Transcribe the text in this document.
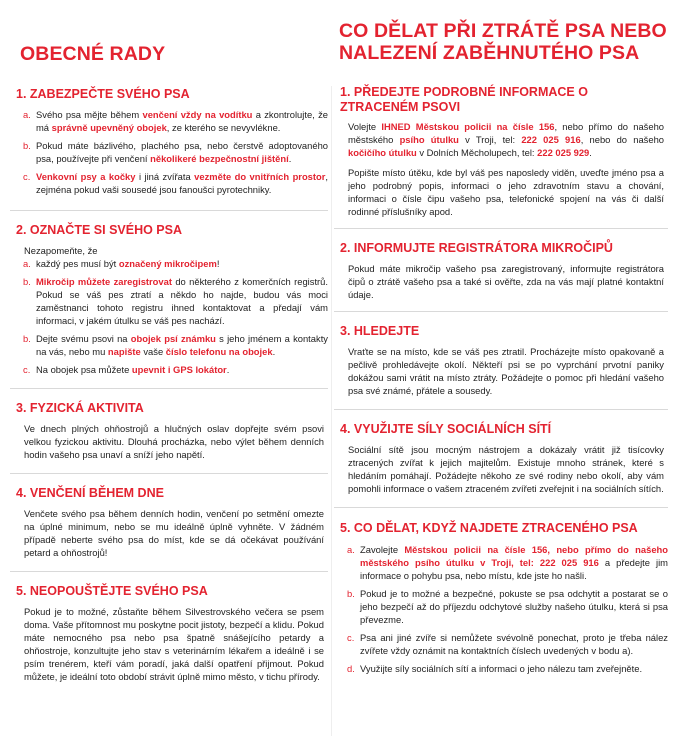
OBECNÉ RADY
1. ZABEZPEČTE SVÉHO PSA
a. Svého psa mějte během venčení vždy na vodítku a zkontrolujte, že má správně upevněný obojek, ze kterého se nevyvlékne.
b. Pokud máte bázlivého, plachého psa, nebo čerstvě adoptovaného psa, používejte při venčení několikeré bezpečnostní jištění.
c. Venkovní psy a kočky i jiná zvířata vezměte do vnitřních prostor, zejména pokud vaši sousedé jsou fanoušci pyrotechniky.
2. OZNAČTE SI SVÉHO PSA

Nezapomeňte, že

a. každý pes musí být označený mikročipem!
b. Mikročip můžete zaregistrovat do některého z komerčních registrů. Pokud se váš pes ztratí a někdo ho najde, budou vás moci zaměstnanci tohoto registru ihned kontaktovat a předají vám informaci, v jakém útulku se váš pes nachází.
b. Dejte svému psovi na obojek psí známku s jeho jménem a kontakty na vás, nebo mu napište vaše číslo telefonu na obojek.
c. Na obojek psa můžete upevnit i GPS lokátor.
3. FYZICKÁ AKTIVITA

Ve dnech plných ohňostrojů a hlučných oslav dopřejte svém psovi velkou fyzickou aktivitu. Dlouhá procházka, nebo výlet během denních hodin vašeho psa unaví a sníží jeho napětí.

4. VENČENÍ BĚHEM DNE

Venčete svého psa během denních hodin, venčení po setmění omezte na úplné minimum, nebo se mu ideálně úplně vyhněte. V žádném případě neberte svého psa do míst, kde se dá očekávat používání petard a ohňostrojů!

5. NEOPOUŠTĚJTE SVÉHO PSA

Pokud je to možné, zůstaňte během Silvestrovského večera se psem doma. Vaše přítomnost mu poskytne pocit jistoty, bezpečí a klidu. Pokud máte nemocného psa nebo psa špatně snášejícího petardy a ohňostroje, konzultujte jeho stav s veterinárním lékařem a ideálně i se psím trenérem, kteří vám poradí, jaká další opatření přijmout. Pokud můžete, je ideální toto období strávit úplně mimo město, v tichu přírody.

CO DĚLAT PŘI ZTRÁTĚ PSA NEBO NALEZENÍ ZABĚHNUTÉHO PSA
1. PŘEDEJTE PODROBNÉ INFORMACE O ZTRACENÉM PSOVI

Volejte IHNED Městskou policii na čísle 156, nebo přímo do našeho městského psího útulku v Troji, tel: 222 025 916, nebo do našeho kočičího útulku v Dolních Měcholupech, tel: 222 025 929.

Popište místo útěku, kde byl váš pes naposledy viděn, uveďte jméno psa a jeho podrobný popis, informaci o jeho zdravotním stavu a chování, informaci o čísle čipu vašeho psa, telefonické spojení na vás či další rodinné příslušníky apod.

2. INFORMUJTE REGISTRÁTORA MIKROČIPŮ

Pokud máte mikročip vašeho psa zaregistrovaný, informujte registrátora čipů o ztrátě vašeho psa a také si ověřte, zda na vás mají platné kontaktní údaje.

3. HLEDEJTE

Vraťte se na místo, kde se váš pes ztratil. Procházejte místo opakovaně a pečlivě prohledávejte okolí. Někteří psi se po vyprchání prvotní paniky dokážou sami vrátit na místo ztráty. Požádejte o pomoc při hledání vašeho psa své známé, přátele a sousedy.

4. VYUŽIJTE SÍLY SOCIÁLNÍCH SÍTÍ

Sociální sítě jsou mocným nástrojem a dokázaly vrátit již tisícovky ztracených zvířat k jejich majitelům. Existuje mnoho stránek, které s hledáním pomáhají. Požádejte někoho ze své rodiny nebo okolí, aby vám pomohli informace o vašem ztraceném zvířeti zveřejnit i na sociálních sítích.

5. CO DĚLAT, KDYŽ NAJDETE ZTRACENÉHO PSA
a. Zavolejte Městskou policii na čísle 156, nebo přímo do našeho městského psího útulku v Troji, tel: 222 025 916 a předejte jim informace o pohybu psa, nebo místu, kde jste ho našli.
b. Pokud je to možné a bezpečné, pokuste se psa odchytit a postarat se o jeho bezpečí až do příjezdu odchytové služby našeho útulku, která si psa převezme.
c. Psa ani jiné zvíře si nemůžete svévolně ponechat, proto je třeba nález zvířete vždy oznámit na kontaktních číslech uvedených v bodu a).
d. Využijte síly sociálních sítí a informaci o jeho nálezu tam zveřejněte.
